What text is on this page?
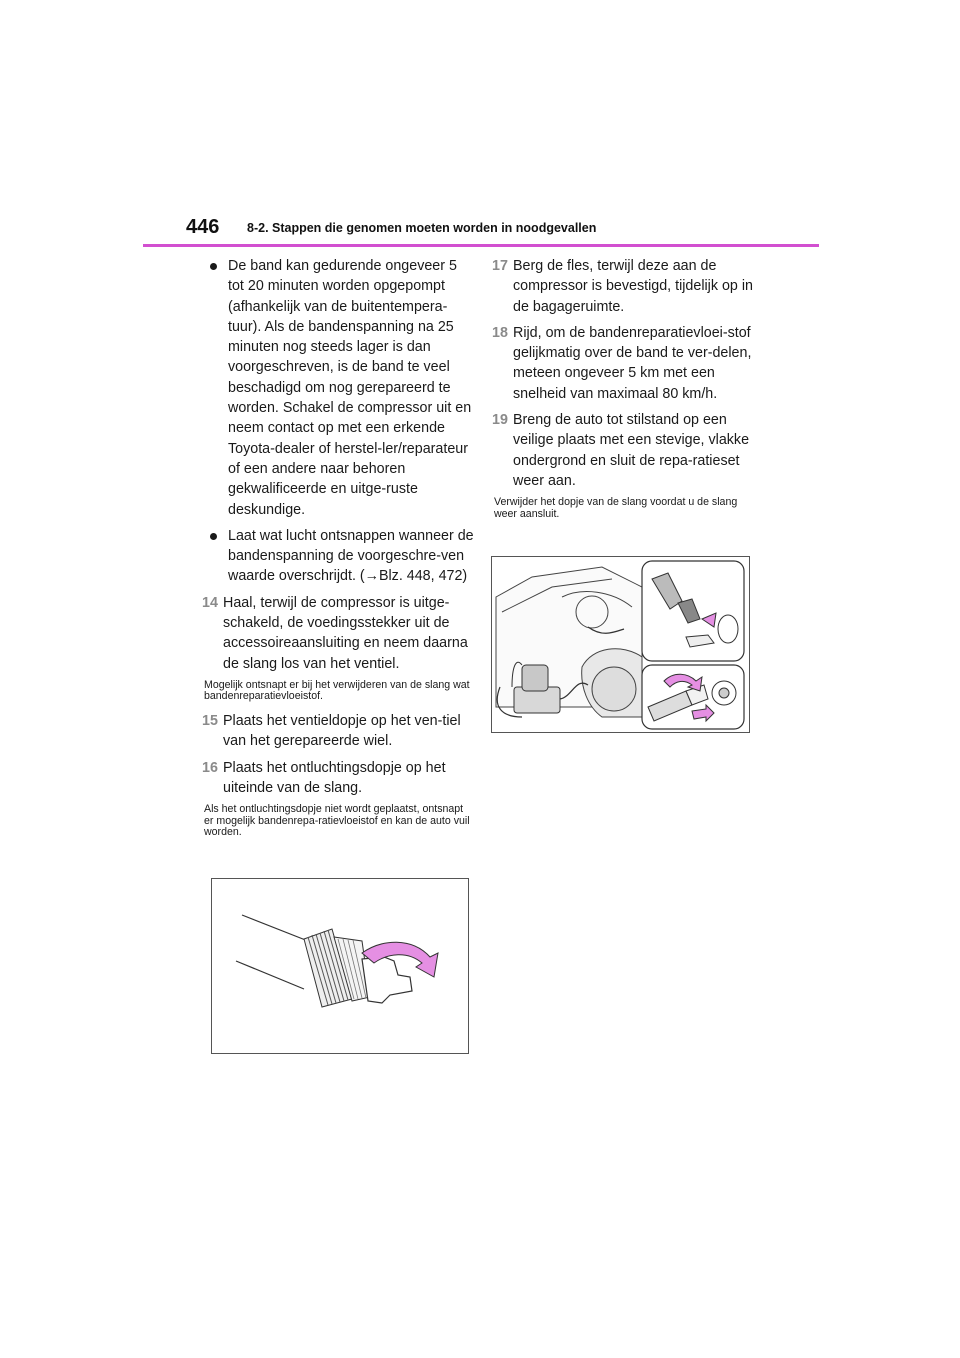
446 8-2. Stappen die genomen moeten worden in noodgevallen
De band kan gedurende ongeveer 5 tot 20 minuten worden opgepompt (afhankelijk van de buitentempera-tuur). Als de bandenspanning na 25 minuten nog steeds lager is dan voorgeschreven, is de band te veel beschadigd om nog gerepareerd te worden. Schakel de compressor uit en neem contact op met een erkende Toyota-dealer of herstel-ler/reparateur of een andere naar behoren gekwalificeerde en uitge-ruste deskundige.
Laat wat lucht ontsnappen wanneer de bandenspanning de voorgeschre-ven waarde overschrijdt. (→Blz. 448, 472)
14 Haal, terwijl de compressor is uitge-schakeld, de voedingsstekker uit de accessoireaansluiting en neem daarna de slang los van het ventiel.
Mogelijk ontsnapt er bij het verwijderen van de slang wat bandenreparatievloeistof.
15 Plaats het ventieldopje op het ven-tiel van het gerepareerde wiel.
16 Plaats het ontluchtingsdopje op het uiteinde van de slang.
Als het ontluchtingsdopje niet wordt geplaatst, ontsnapt er mogelijk bandenrepa-ratievloeistof en kan de auto vuil worden.
17 Berg de fles, terwijl deze aan de compressor is bevestigd, tijdelijk op in de bagageruimte.
18 Rijd, om de bandenreparatievloei-stof gelijkmatig over de band te ver-delen, meteen ongeveer 5 km met een snelheid van maximaal 80 km/h.
19 Breng de auto tot stilstand op een veilige plaats met een stevige, vlakke ondergrond en sluit de repa-ratieset weer aan.
Verwijder het dopje van de slang voordat u de slang weer aansluit.
